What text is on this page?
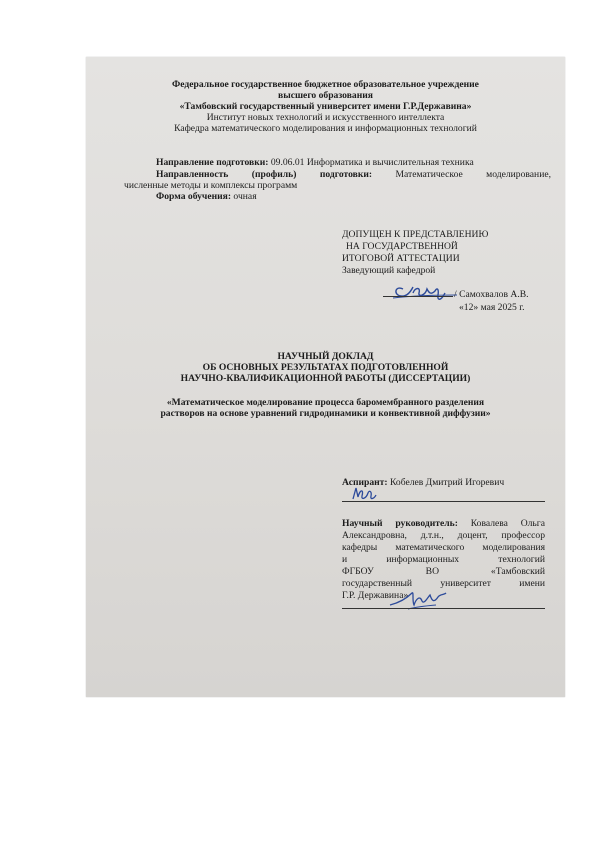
Федеральное государственное бюджетное образовательное учреждение
высшего образования
«Тамбовский государственный университет имени Г.Р.Державина»
Институт новых технологий и искусственного интеллекта
Кафедра математического моделирования и информационных технологий
Направление подготовки: 09.06.01 Информатика и вычислительная техника
Направленность (профиль) подготовки: Математическое моделирование,
численные методы и комплексы программ
Форма обучения: очная
ДОПУЩЕН К ПРЕДСТАВЛЕНИЮ
НА ГОСУДАРСТВЕННОЙ
ИТОГОВОЙ АТТЕСТАЦИИ
Заведующий кафедрой
/ Самохвалов А.В.
«12» мая 2025 г.
НАУЧНЫЙ ДОКЛАД
ОБ ОСНОВНЫХ РЕЗУЛЬТАТАХ ПОДГОТОВЛЕННОЙ
НАУЧНО-КВАЛИФИКАЦИОННОЙ РАБОТЫ (ДИССЕРТАЦИИ)
«Математическое моделирование процесса баромембранного разделения
растворов на основе уравнений гидродинамики и конвективной диффузии»
Аспирант: Кобелев Дмитрий Игоревич
Научный руководитель: Ковалева Ольга
Александровна, д.т.н., доцент, профессор
кафедры математического моделирования
и информационных технологий
ФГБОУ ВО «Тамбовский
государственный университет имени
Г.Р. Державина»
